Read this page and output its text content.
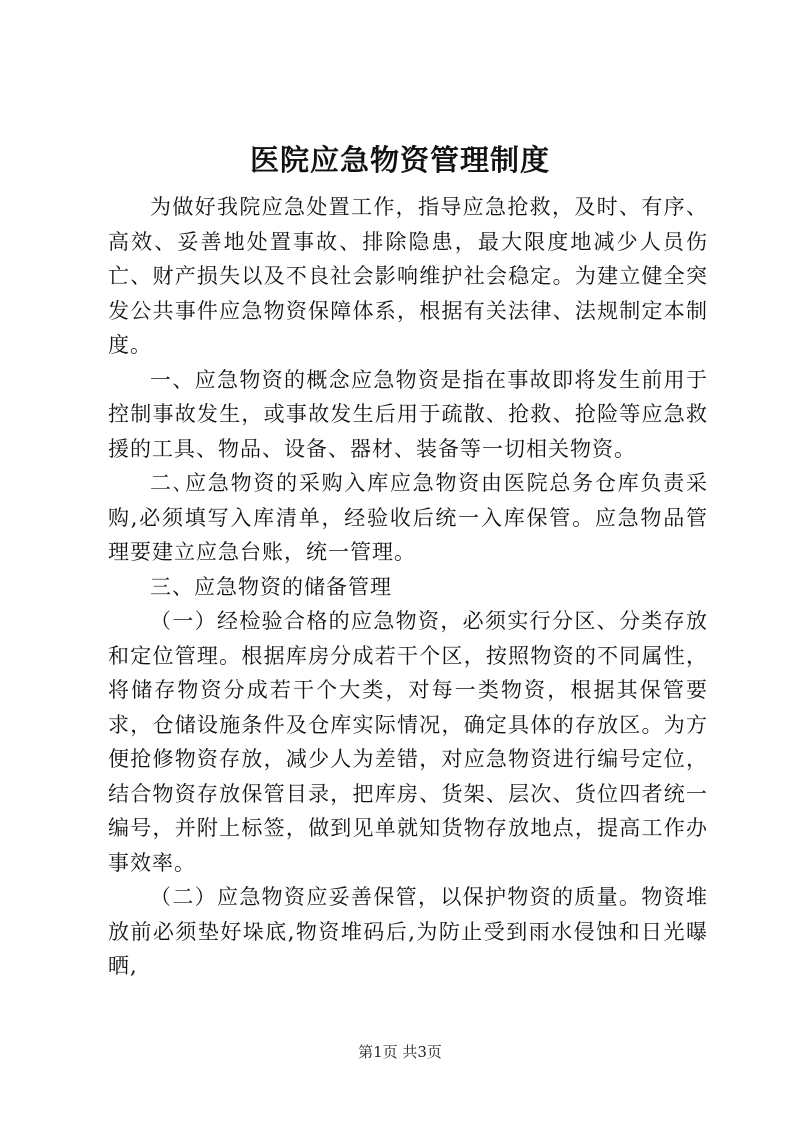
医院应急物资管理制度

为做好我院应急处置工作，指导应急抢救，及时、有序、高效、妥善地处置事故、排除隐患，最大限度地减少人员伤亡、财产损失以及不良社会影响维护社会稳定。为建立健全突发公共事件应急物资保障体系，根据有关法律、法规制定本制度。

一、应急物资的概念应急物资是指在事故即将发生前用于控制事故发生，或事故发生后用于疏散、抢救、抢险等应急救援的工具、物品、设备、器材、装备等一切相关物资。

二､应急物资的采购入库应急物资由医院总务仓库负责采购,必须填写入库清单，经验收后统一入库保管。应急物品管理要建立应急台账，统一管理。

三、应急物资的储备管理

（一）经检验合格的应急物资，必须实行分区、分类存放和定位管理。根据库房分成若干个区，按照物资的不同属性，将储存物资分成若干个大类，对每一类物资，根据其保管要求，仓储设施条件及仓库实际情况，确定具体的存放区。为方便抢修物资存放，减少人为差错，对应急物资进行编号定位，结合物资存放保管目录，把库房、货架、层次、货位四者统一编号，并附上标签，做到见单就知货物存放地点，提高工作办事效率。

（二）应急物资应妥善保管，以保护物资的质量。物资堆放前必须垫好垛底,物资堆码后,为防止受到雨水侵蚀和日光曝晒,

第1页 共3页
